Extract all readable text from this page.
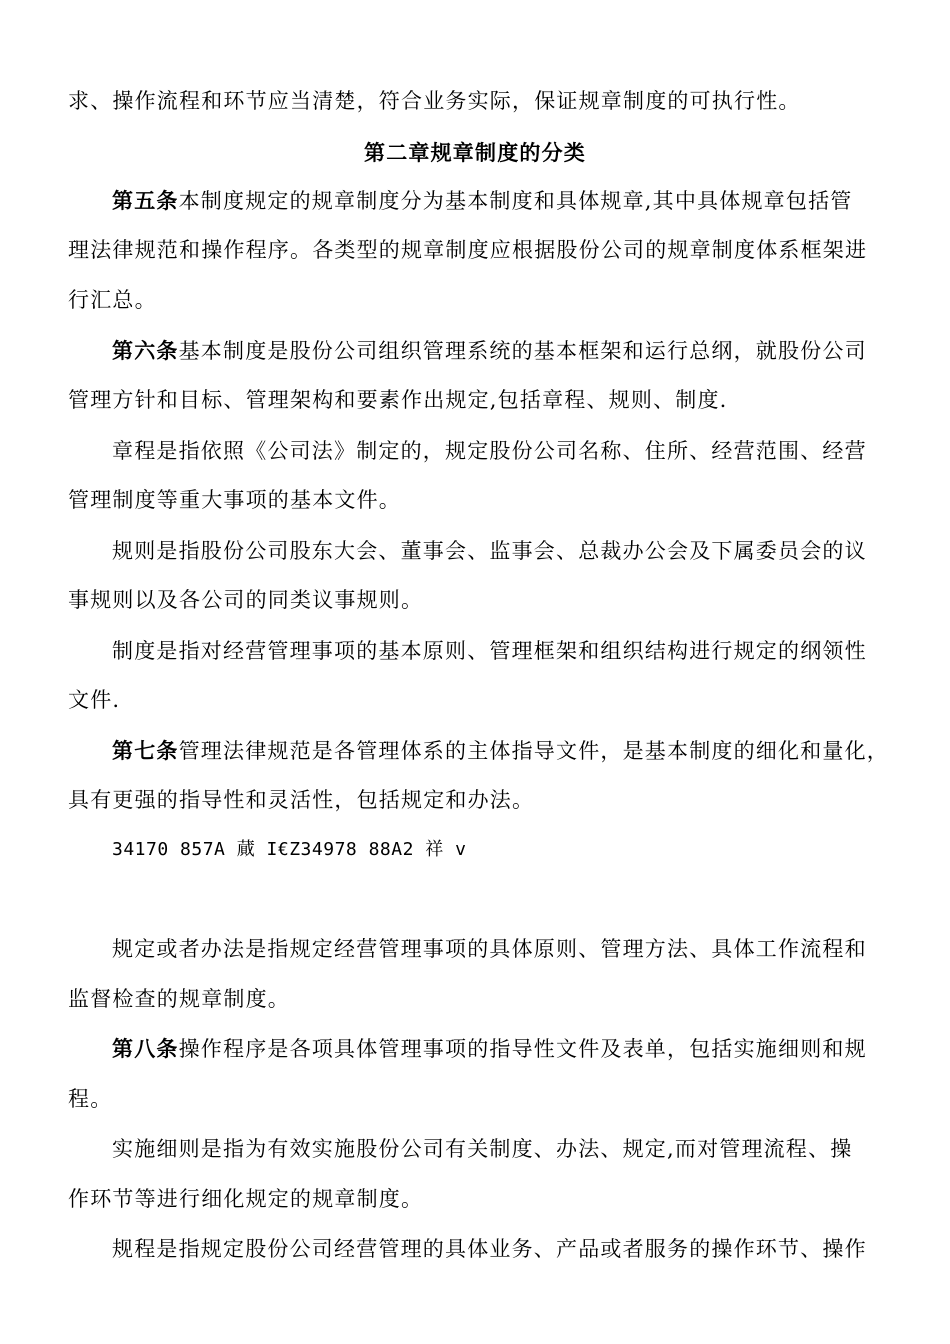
求、操作流程和环节应当清楚，符合业务实际，保证规章制度的可执行性。
第二章规章制度的分类
第五条本制度规定的规章制度分为基本制度和具体规章,其中具体规章包括管
理法律规范和操作程序。各类型的规章制度应根据股份公司的规章制度体系框架进
行汇总。
第六条基本制度是股份公司组织管理系统的基本框架和运行总纲，就股份公司
管理方针和目标、管理架构和要素作出规定,包括章程、规则、制度.
章程是指依照《公司法》制定的，规定股份公司名称、住所、经营范围、经营
管理制度等重大事项的基本文件。
规则是指股份公司股东大会、董事会、监事会、总裁办公会及下属委员会的议
事规则以及各公司的同类议事规则。
制度是指对经营管理事项的基本原则、管理框架和组织结构进行规定的纲领性
文件.
第七条管理法律规范是各管理体系的主体指导文件，是基本制度的细化和量化，
具有更强的指导性和灵活性，包括规定和办法。
34170 857A 蕆 I€Z34978 88A2 祥 v
规定或者办法是指规定经营管理事项的具体原则、管理方法、具体工作流程和
监督检查的规章制度。
第八条操作程序是各项具体管理事项的指导性文件及表单，包括实施细则和规
程。
实施细则是指为有效实施股份公司有关制度、办法、规定,而对管理流程、操
作环节等进行细化规定的规章制度。
规程是指规定股份公司经营管理的具体业务、产品或者服务的操作环节、操作
